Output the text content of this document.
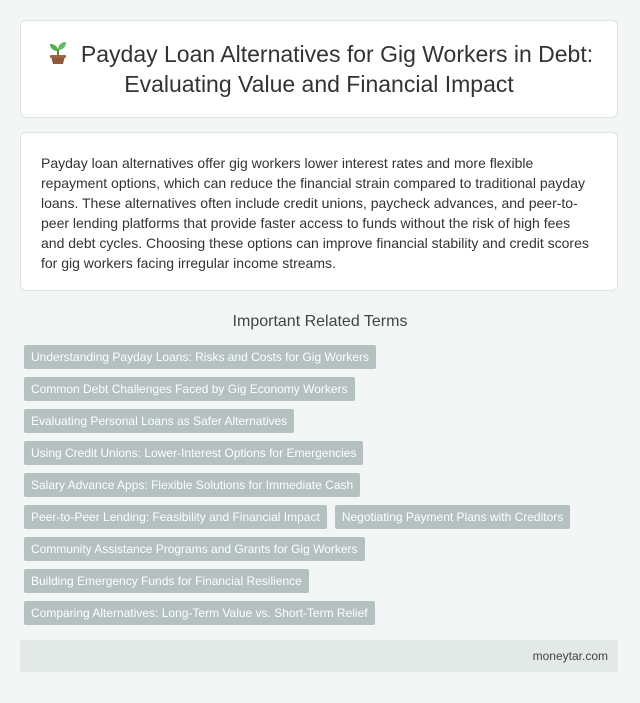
Payday Loan Alternatives for Gig Workers in Debt: Evaluating Value and Financial Impact

Payday loan alternatives offer gig workers lower interest rates and more flexible repayment options, which can reduce the financial strain compared to traditional payday loans. These alternatives often include credit unions, paycheck advances, and peer-to-peer lending platforms that provide faster access to funds without the risk of high fees and debt cycles. Choosing these options can improve financial stability and credit scores for gig workers facing irregular income streams.

Important Related Terms
Understanding Payday Loans: Risks and Costs for Gig Workers
Common Debt Challenges Faced by Gig Economy Workers
Evaluating Personal Loans as Safer Alternatives
Using Credit Unions: Lower-Interest Options for Emergencies
Salary Advance Apps: Flexible Solutions for Immediate Cash
Peer-to-Peer Lending: Feasibility and Financial Impact	Negotiating Payment Plans with Creditors
Community Assistance Programs and Grants for Gig Workers
Building Emergency Funds for Financial Resilience
Comparing Alternatives: Long-Term Value vs. Short-Term Relief
moneytar.com
